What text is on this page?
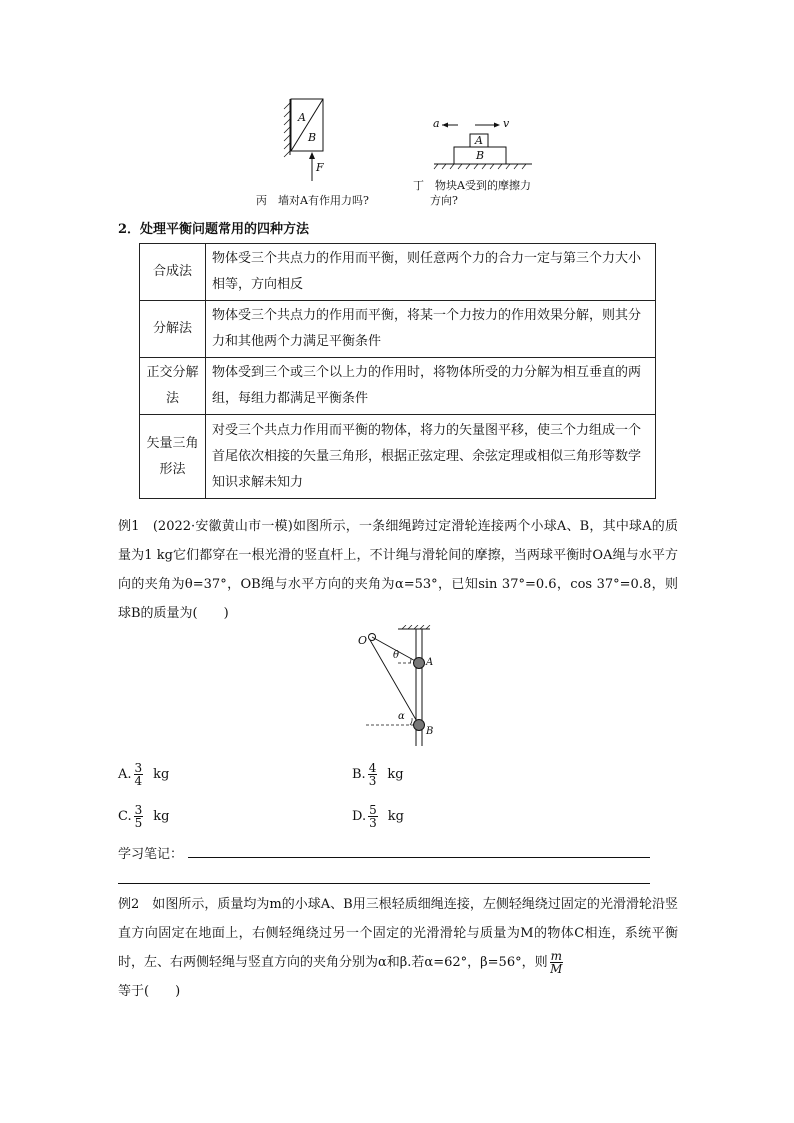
A
B
F
丙　墙对A有作用力吗?
a	v
A
B
丁　物块A受到的摩擦力
方向?
2．处理平衡问题常用的四种方法
合成法	物体受三个共点力的作用而平衡，则任意两个力的合力一定与第三个力大小相等，方向相反
分解法	物体受三个共点力的作用而平衡，将某一个力按力的作用效果分解，则其分力和其他两个力满足平衡条件
正交分解法	物体受到三个或三个以上力的作用时，将物体所受的力分解为相互垂直的两组，每组力都满足平衡条件
矢量三角形法	对受三个共点力作用而平衡的物体，将力的矢量图平移，使三个力组成一个首尾依次相接的矢量三角形，根据正弦定理、余弦定理或相似三角形等数学知识求解未知力
例1　(2022·安徽黄山市一模)如图所示，一条细绳跨过定滑轮连接两个小球A、B，其中球A的质量为1 kg它们都穿在一根光滑的竖直杆上，不计绳与滑轮间的摩擦，当两球平衡时OA绳与水平方向的夹角为θ=37°，OB绳与水平方向的夹角为α=53°，已知sin 37°=0.6，cos 37°=0.8，则球B的质量为(　　)
O
θ
A
α
B
A. $\frac{3}{4}$ kg	B. $\frac{4}{3}$ kg
C. $\frac{3}{5}$ kg	D. $\frac{5}{3}$ kg
学习笔记：
例2　如图所示，质量均为m的小球A、B用三根轻质细绳连接，左侧轻绳绕过固定的光滑滑轮沿竖直方向固定在地面上，右侧轻绳绕过另一个固定的光滑滑轮与质量为M的物体C相连，系统平衡时，左、右两侧轻绳与竖直方向的夹角分别为α和β.若α=62°，β=56°，则 $\frac{m}{M}$

等于(　　)
